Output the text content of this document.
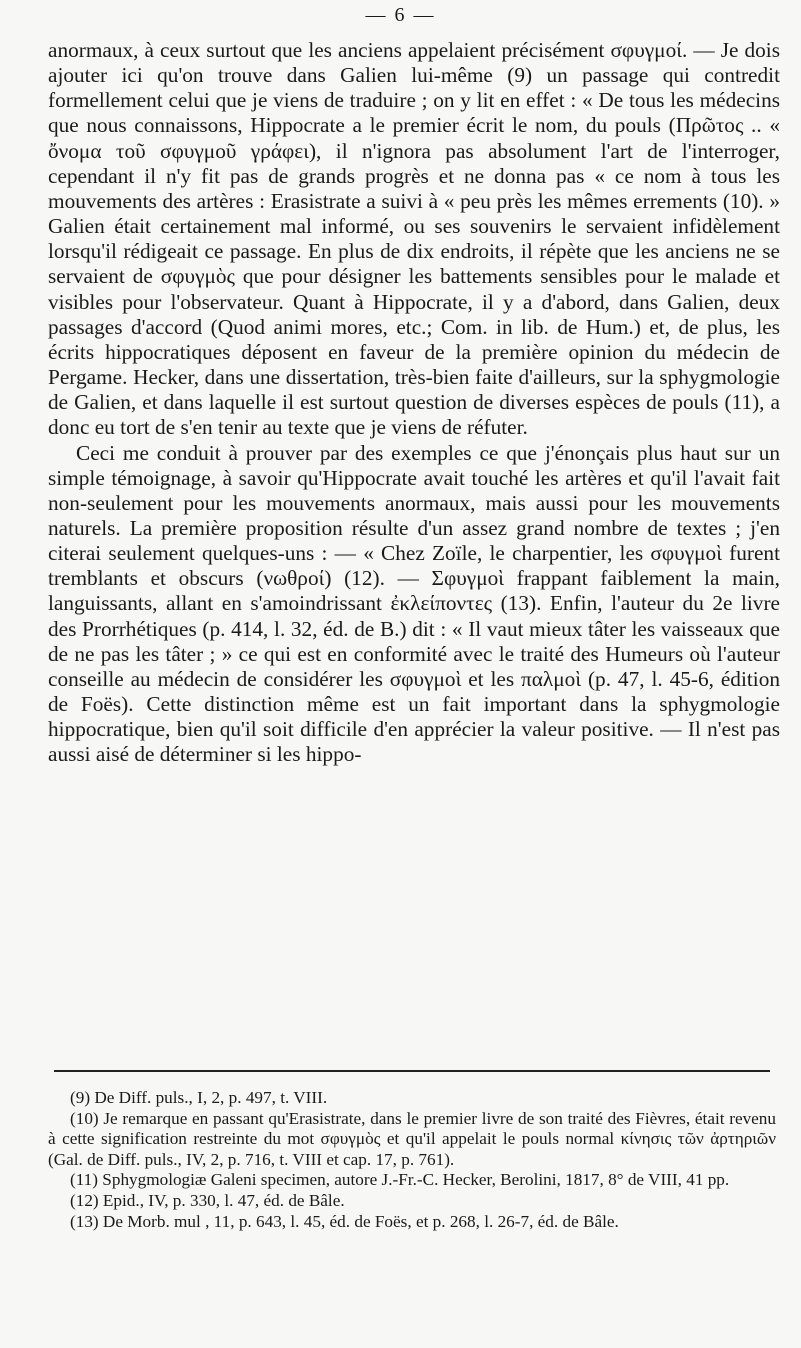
— 6 —

anormaux, à ceux surtout que les anciens appelaient précisément σφυγμοί. — Je dois ajouter ici qu'on trouve dans Galien lui-même (9) un passage qui contredit formellement celui que je viens de traduire ; on y lit en effet : « De tous les médecins que nous connaissons, Hippocrate a le premier écrit le nom, du pouls (Πρῶτος .. « ὄνομα τοῦ σφυγμοῦ γράφει), il n'ignora pas absolument l'art de l'interroger, cependant il n'y fit pas de grands progrès et ne donna pas « ce nom à tous les mouvements des artères : Erasistrate a suivi à « peu près les mêmes errements (10). » Galien était certainement mal informé, ou ses souvenirs le servaient infidèlement lorsqu'il rédigeait ce passage. En plus de dix endroits, il répète que les anciens ne se servaient de σφυγμὸς que pour désigner les battements sensibles pour le malade et visibles pour l'observateur. Quant à Hippocrate, il y a d'abord, dans Galien, deux passages d'accord (Quod animi mores, etc.; Com. in lib. de Hum.) et, de plus, les écrits hippocratiques déposent en faveur de la première opinion du médecin de Pergame. Hecker, dans une dissertation, très-bien faite d'ailleurs, sur la sphygmologie de Galien, et dans laquelle il est surtout question de diverses espèces de pouls (11), a donc eu tort de s'en tenir au texte que je viens de réfuter.

Ceci me conduit à prouver par des exemples ce que j'énonçais plus haut sur un simple témoignage, à savoir qu'Hippocrate avait touché les artères et qu'il l'avait fait non-seulement pour les mouvements anormaux, mais aussi pour les mouvements naturels. La première proposition résulte d'un assez grand nombre de textes ; j'en citerai seulement quelques-uns : — « Chez Zoïle, le charpentier, les σφυγμοὶ furent tremblants et obscurs (νωθροί) (12). — Σφυγμοὶ frappant faiblement la main, languissants, allant en s'amoindrissant ἐκλείποντες (13). Enfin, l'auteur du 2e livre des Prorrhétiques (p. 414, l. 32, éd. de B.) dit : « Il vaut mieux tâter les vaisseaux que de ne pas les tâter ; » ce qui est en conformité avec le traité des Humeurs où l'auteur conseille au médecin de considérer les σφυγμοὶ et les παλμοὶ (p. 47, l. 45-6, édition de Foës). Cette distinction même est un fait important dans la sphygmologie hippocratique, bien qu'il soit difficile d'en apprécier la valeur positive. — Il n'est pas aussi aisé de déterminer si les hippo-

(9) De Diff. puls., I, 2, p. 497, t. VIII.

(10) Je remarque en passant qu'Erasistrate, dans le premier livre de son traité des Fièvres, était revenu à cette signification restreinte du mot σφυγμὸς et qu'il appelait le pouls normal κίνησις τῶν ἀρτηριῶν (Gal. de Diff. puls., IV, 2, p. 716, t. VIII et cap. 17, p. 761).

(11) Sphygmologiæ Galeni specimen, autore J.-Fr.-C. Hecker, Berolini, 1817, 8° de VIII, 41 pp.

(12) Epid., IV, p. 330, l. 47, éd. de Bâle.

(13) De Morb. mul , 11, p. 643, l. 45, éd. de Foës, et p. 268, l. 26-7, éd. de Bâle.
